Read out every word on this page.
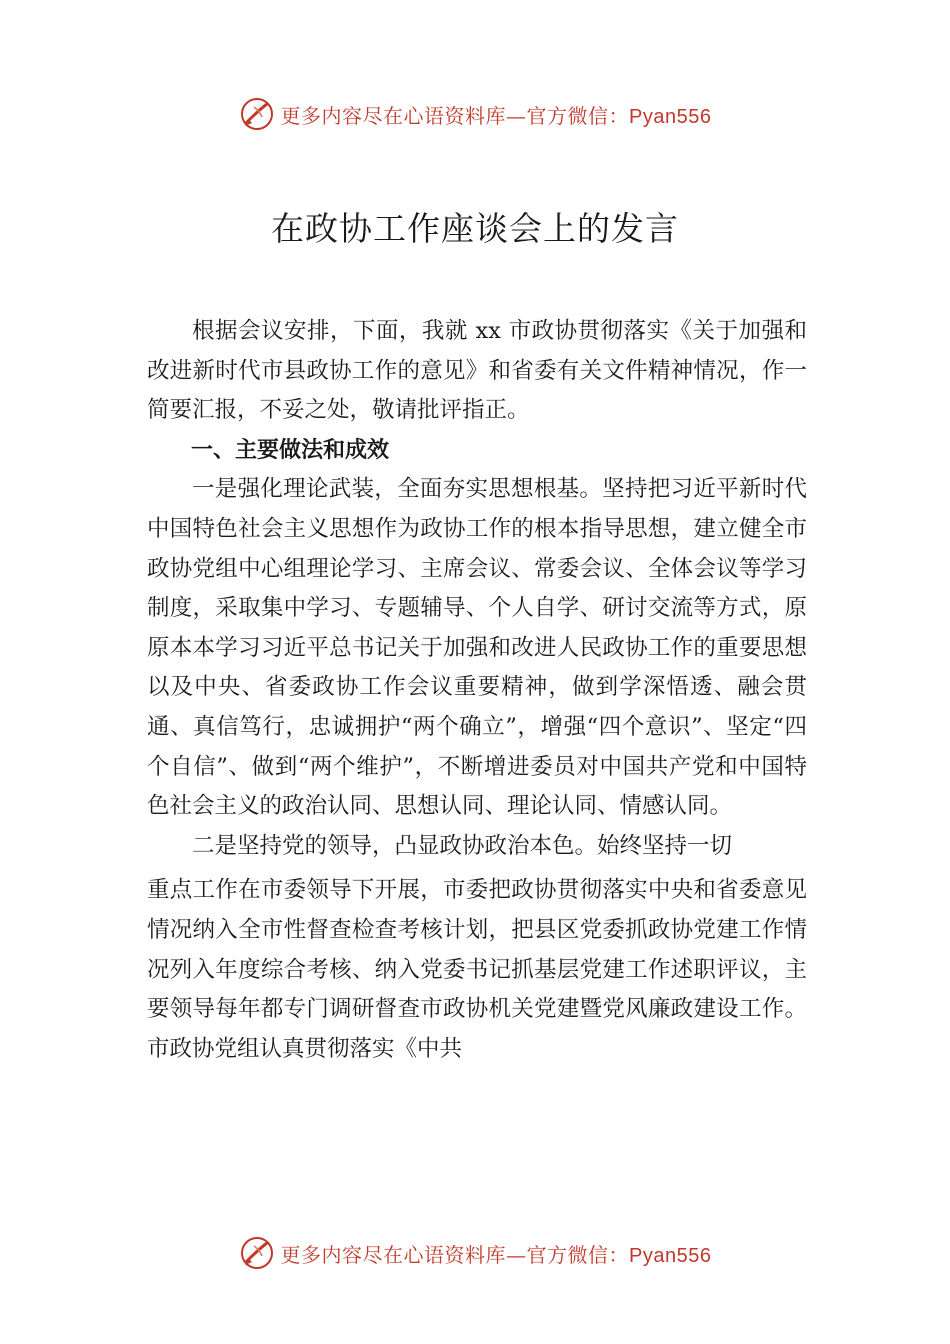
更多内容尽在心语资料库—官方微信：Pyan556
在政协工作座谈会上的发言

根据会议安排，下面，我就 xx 市政协贯彻落实《关于加强和改进新时代市县政协工作的意见》和省委有关文件精神情况，作一简要汇报，不妥之处，敬请批评指正。

一、主要做法和成效

一是强化理论武装，全面夯实思想根基。坚持把习近平新时代中国特色社会主义思想作为政协工作的根本指导思想，建立健全市政协党组中心组理论学习、主席会议、常委会议、全体会议等学习制度，采取集中学习、专题辅导、个人自学、研讨交流等方式，原原本本学习习近平总书记关于加强和改进人民政协工作的重要思想以及中央、省委政协工作会议重要精神，做到学深悟透、融会贯通、真信笃行，忠诚拥护“两个确立”，增强“四个意识”、坚定“四个自信”、做到“两个维护”，不断增进委员对中国共产党和中国特色社会主义的政治认同、思想认同、理论认同、情感认同。

二是坚持党的领导，凸显政协政治本色。始终坚持一切

重点工作在市委领导下开展，市委把政协贯彻落实中央和省委意见情况纳入全市性督查检查考核计划，把县区党委抓政协党建工作情况列入年度综合考核、纳入党委书记抓基层党建工作述职评议，主要领导每年都专门调研督查市政协机关党建暨党风廉政建设工作。市政协党组认真贯彻落实《中共

更多内容尽在心语资料库—官方微信：Pyan556
